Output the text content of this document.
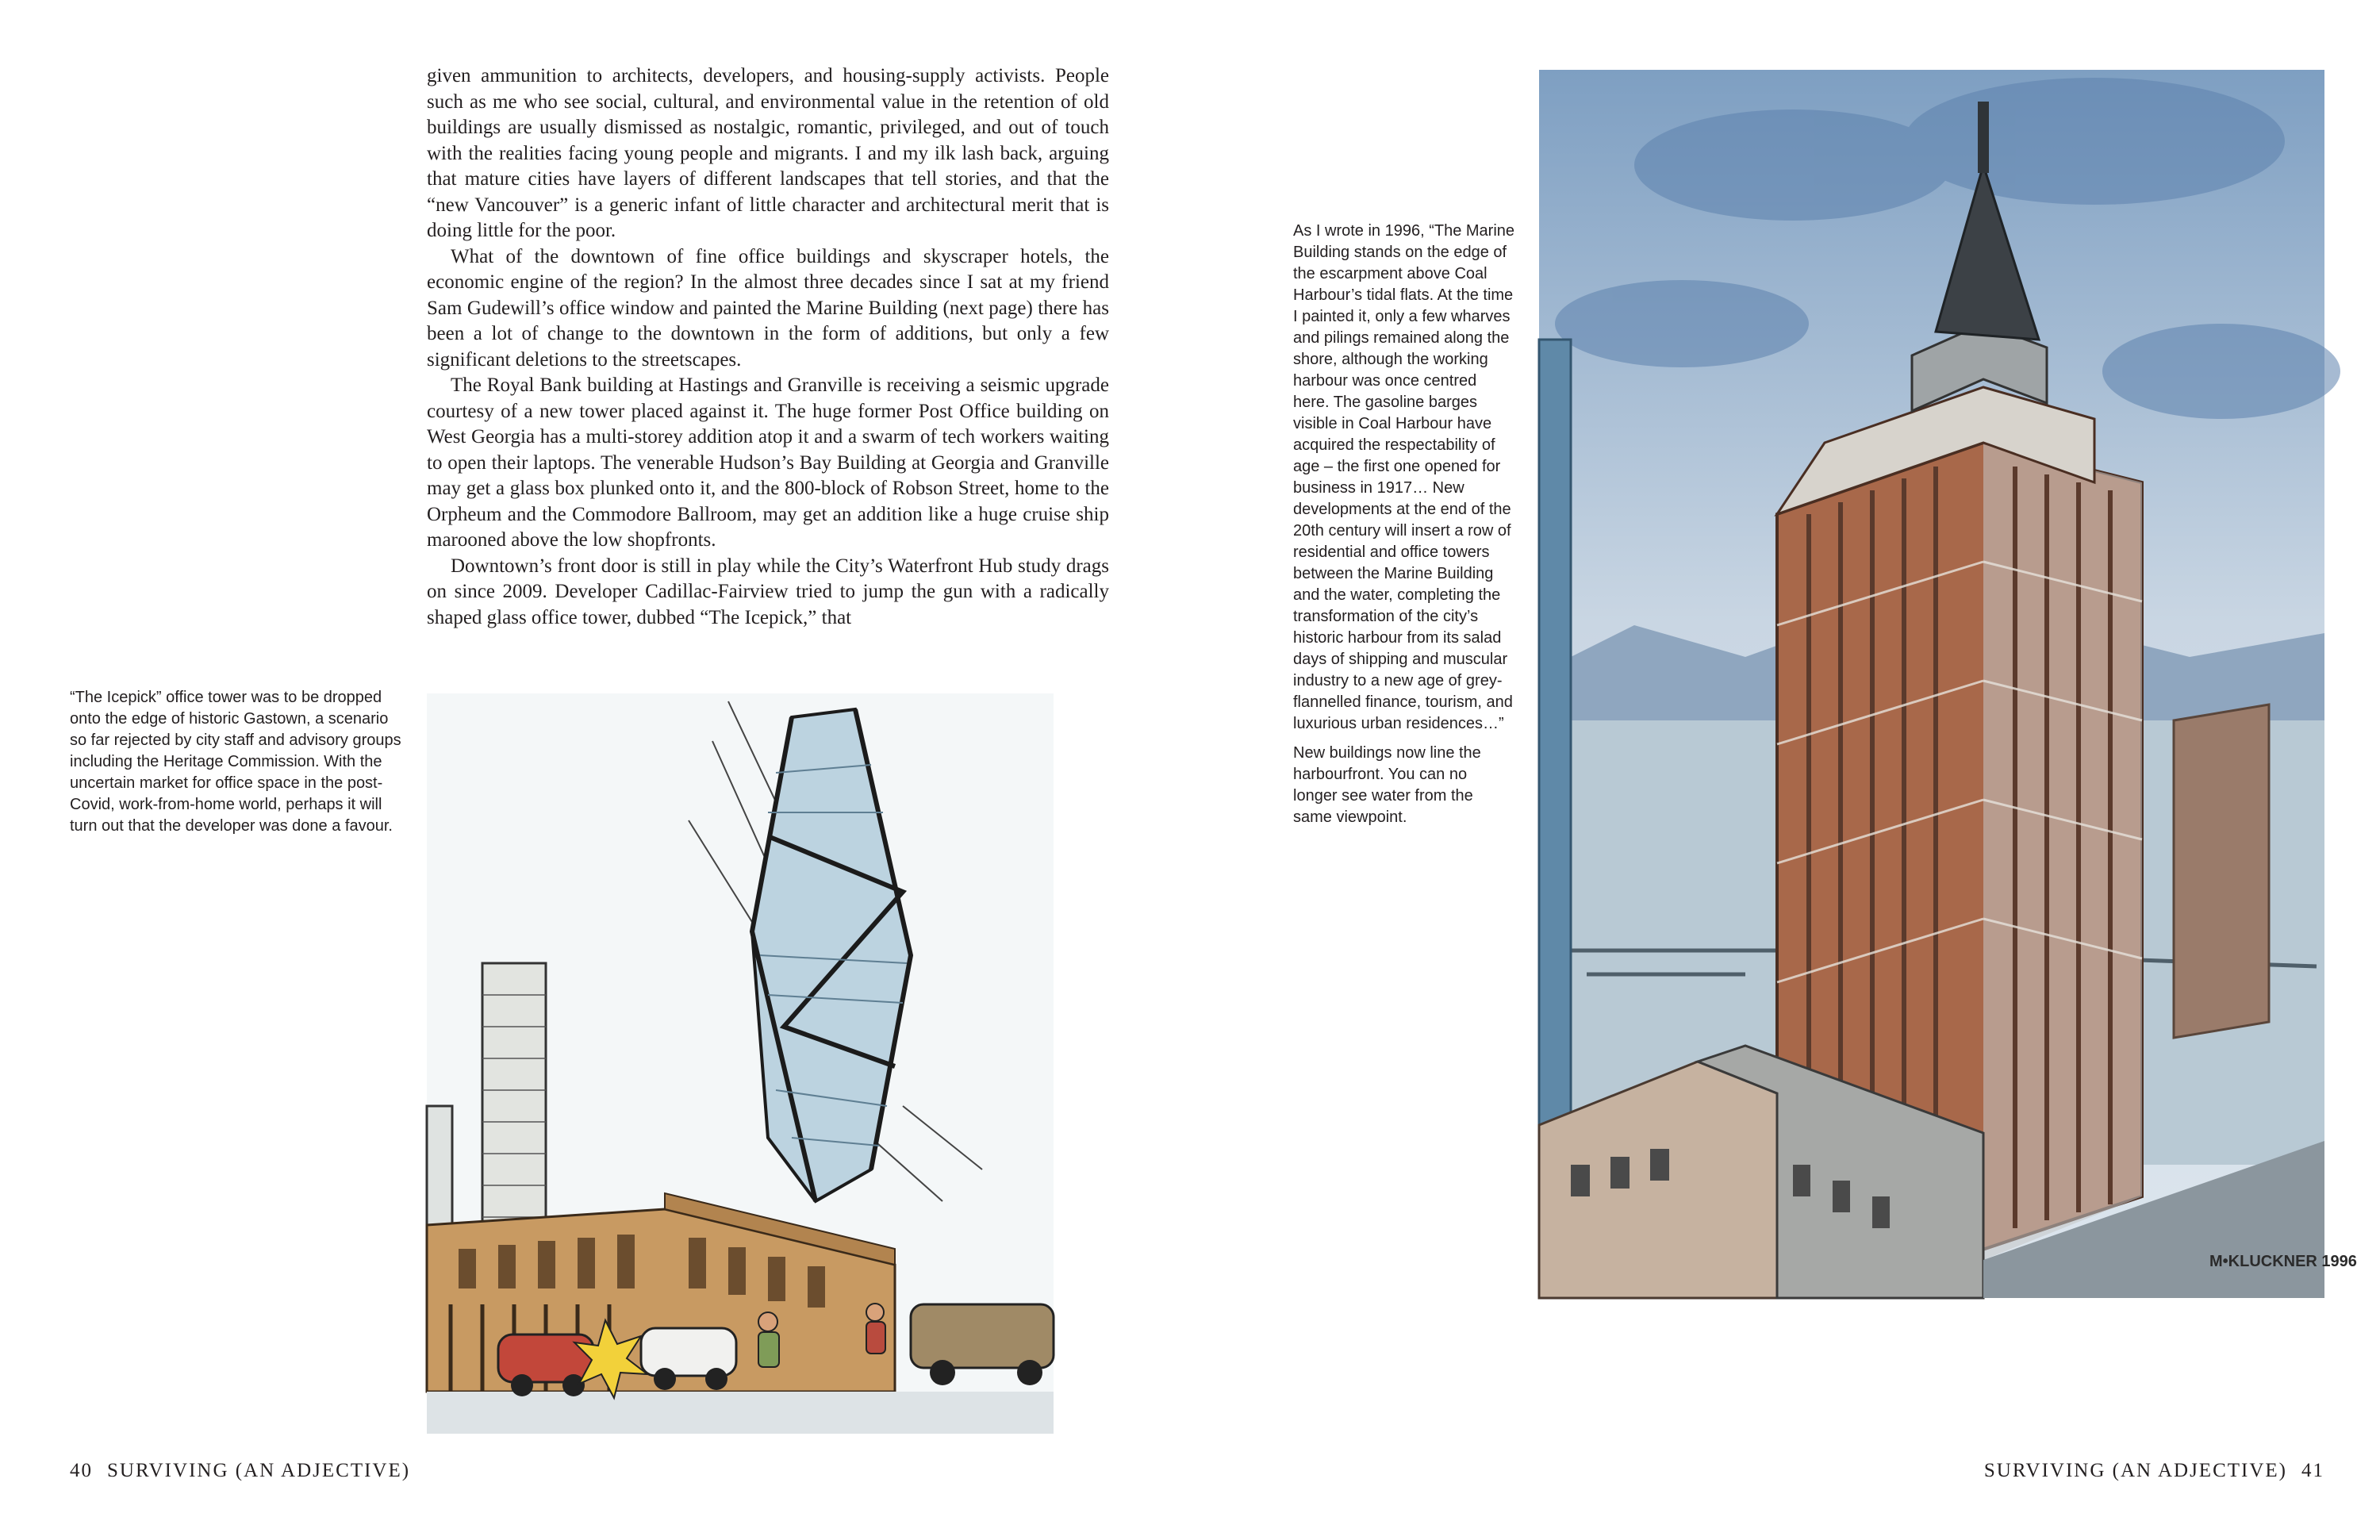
given ammunition to architects, developers, and housing-supply activists. People such as me who see social, cultural, and environmental value in the retention of old buildings are usually dismissed as nostalgic, romantic, privileged, and out of touch with the realities facing young people and migrants. I and my ilk lash back, arguing that mature cities have layers of different landscapes that tell stories, and that the “new Vancouver” is a generic infant of little character and architectural merit that is doing little for the poor.

What of the downtown of fine office buildings and skyscraper hotels, the economic engine of the region? In the almost three decades since I sat at my friend Sam Gudewill’s office window and painted the Marine Building (next page) there has been a lot of change to the downtown in the form of additions, but only a few significant deletions to the streetscapes.

The Royal Bank building at Hastings and Granville is receiving a seismic upgrade courtesy of a new tower placed against it. The huge former Post Office building on West Georgia has a multi-storey addition atop it and a swarm of tech workers waiting to open their laptops. The venerable Hudson’s Bay Building at Georgia and Granville may get a glass box plunked onto it, and the 800-block of Robson Street, home to the Orpheum and the Commodore Ballroom, may get an addition like a huge cruise ship marooned above the low shopfronts.

Downtown’s front door is still in play while the City’s Waterfront Hub study drags on since 2009. Developer Cadillac-Fairview tried to jump the gun with a radically shaped glass office tower, dubbed “The Icepick,” that

“The Icepick” office tower was to be dropped onto the edge of historic Gastown, a scenario so far rejected by city staff and advisory groups including the Heritage Commission. With the uncertain market for office space in the post-Covid, work-from-home world, perhaps it will turn out that the developer was done a favour.

40 SURVIVING (AN ADJECTIVE)

As I wrote in 1996, “The Marine Building stands on the edge of the escarpment above Coal Harbour’s tidal flats. At the time I painted it, only a few wharves and pilings remained along the shore, although the working harbour was once centred here. The gasoline barges visible in Coal Harbour have acquired the respectability of age – the first one opened for business in 1917… New developments at the end of the 20th century will insert a row of residential and office towers between the Marine Building and the water, completing the transformation of the city’s historic harbour from its salad days of shipping and muscular industry to a new age of grey-flannelled finance, tourism, and luxurious urban residences…”

New buildings now line the harbourfront. You can no longer see water from the same viewpoint.

M•KLUCKNER 1996
SURVIVING (AN ADJECTIVE) 41
